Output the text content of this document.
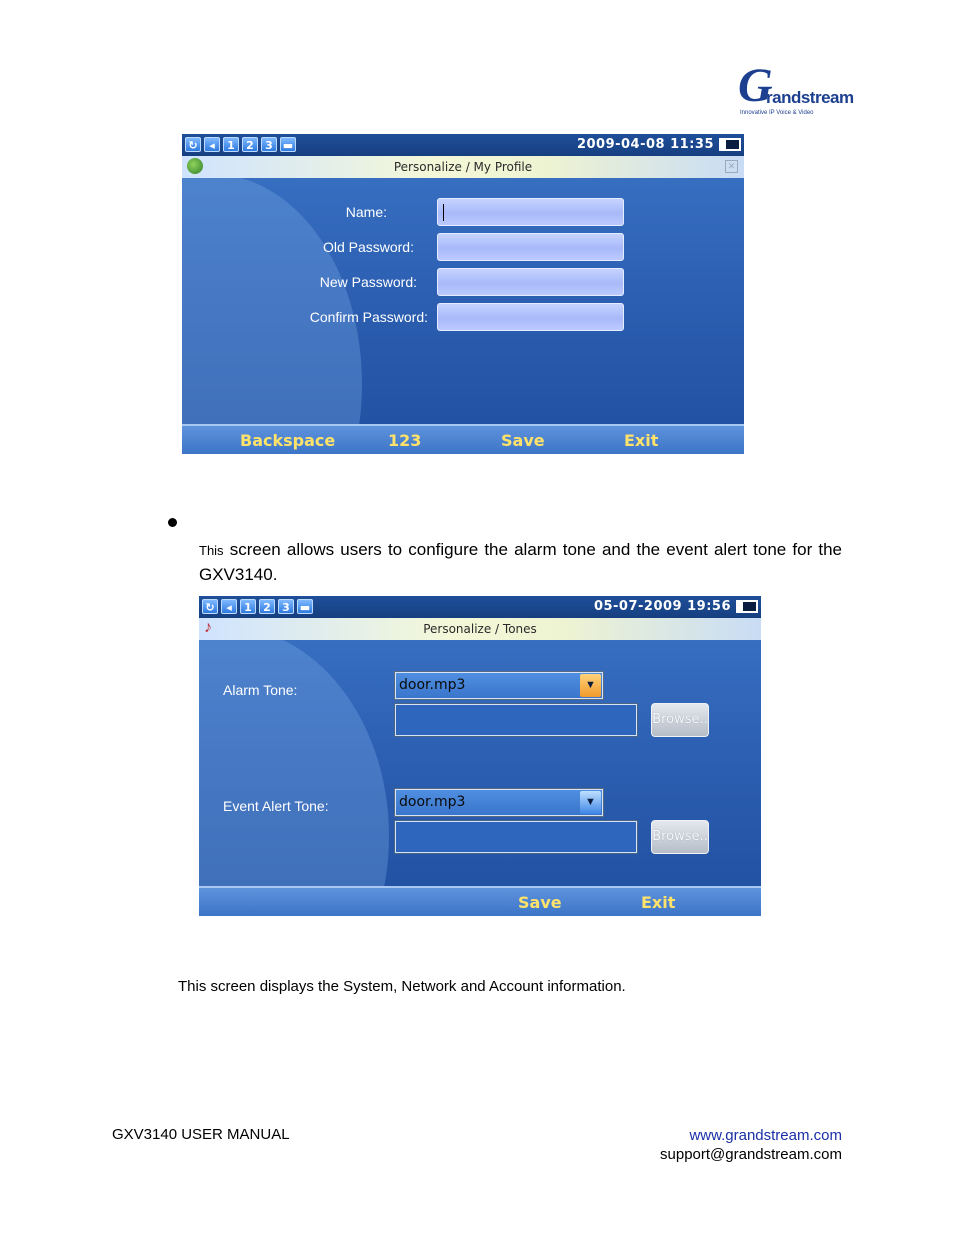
G
randstream
Innovative IP Voice & Video
↻	◂	1	2	3 ▬	2009-04-08 11:35
Personalize / My Profile	✕
Name:
Old Password:
New Password:
Confirm Password:
Backspace	123	Save	Exit

This screen allows users to configure the alarm tone and the event alert tone for the GXV3140.

↻	◂	1	2	3 ▬	05-07-2009 19:56
♪	Personalize / Tones
Alarm Tone:	door.mp3	▼
Browse..
Event Alert Tone:	door.mp3	▼
Browse..
Save	Exit
This screen displays the System, Network and Account information.
GXV3140 USER MANUAL	www.grandstream.com
support@grandstream.com
